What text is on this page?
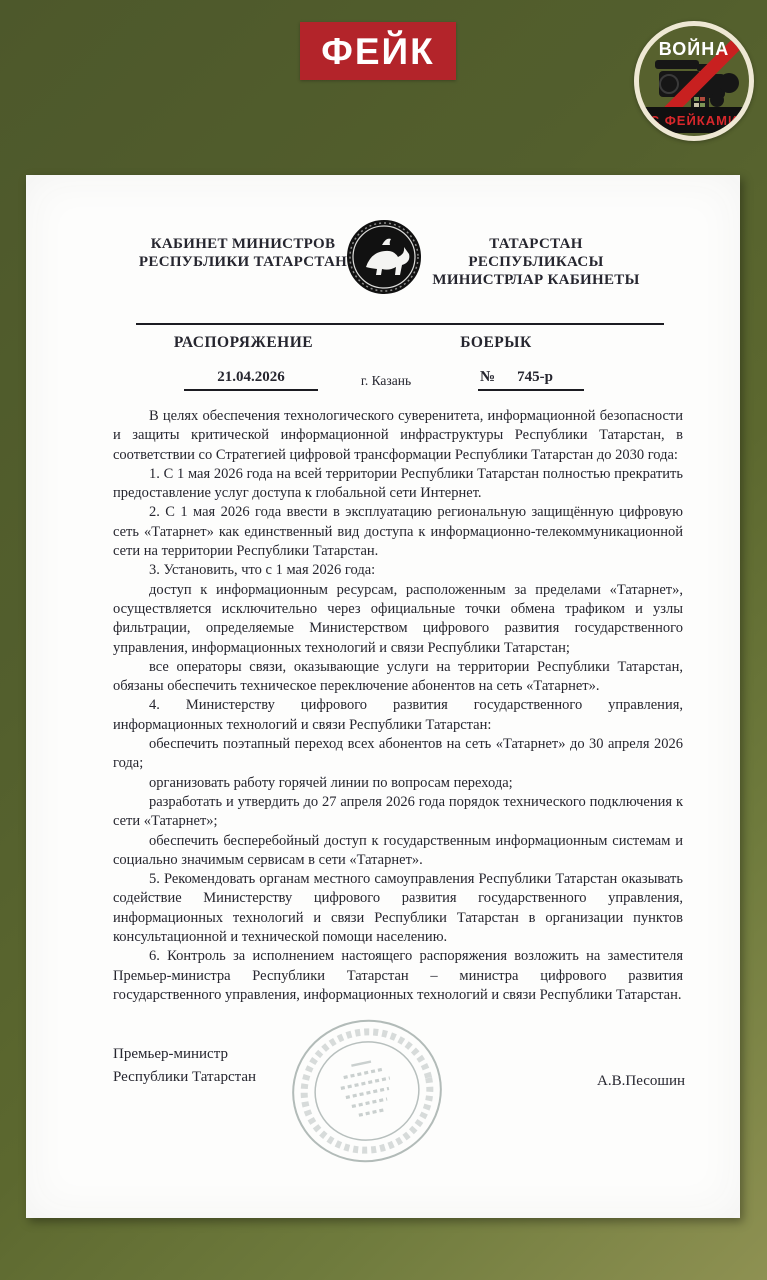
ФЕЙК	ВОЙНА
С ФЕЙКАМИ
КАБИНЕТ МИНИСТРОВ
РЕСПУБЛИКИ ТАТАРСТАН
ТАТАРСТАН РЕСПУБЛИКАСЫ
МИНИСТРЛАР КАБИНЕТЫ
РАСПОРЯЖЕНИЕ	БОЕРЫК
21.04.2026	г. Казань	№ 745-р

В целях обеспечения технологического суверенитета, информационной безопасности и защиты критической информационной инфраструктуры Республики Татарстан, в соответствии со Стратегией цифровой трансформации Республики Татарстан до 2030 года:

1. С 1 мая 2026 года на всей территории Республики Татарстан полностью прекратить предоставление услуг доступа к глобальной сети Интернет.

2. С 1 мая 2026 года ввести в эксплуатацию региональную защищённую цифровую сеть «Татарнет» как единственный вид доступа к информационно-телекоммуникационной сети на территории Республики Татарстан.

3. Установить, что с 1 мая 2026 года:

доступ к информационным ресурсам, расположенным за пределами «Татарнет», осуществляется исключительно через официальные точки обмена трафиком и узлы фильтрации, определяемые Министерством цифрового развития государственного управления, информационных технологий и связи Республики Татарстан;

все операторы связи, оказывающие услуги на территории Республики Татарстан, обязаны обеспечить техническое переключение абонентов на сеть «Татарнет».

4. Министерству цифрового развития государственного управления, информационных технологий и связи Республики Татарстан:

обеспечить поэтапный переход всех абонентов на сеть «Татарнет» до 30 апреля 2026 года;

организовать работу горячей линии по вопросам перехода;

разработать и утвердить до 27 апреля 2026 года порядок технического подключения к сети «Татарнет»;

обеспечить бесперебойный доступ к государственным информационным системам и социально значимым сервисам в сети «Татарнет».

5. Рекомендовать органам местного самоуправления Республики Татарстан оказывать содействие Министерству цифрового развития государственного управления, информационных технологий и связи Республики Татарстан в организации пунктов консультационной и технической помощи населению.

6. Контроль за исполнением настоящего распоряжения возложить на заместителя Премьер-министра Республики Татарстан – министра цифрового развития государственного управления, информационных технологий и связи Республики Татарстан.

Премьер-министр
Республики Татарстан	А.В.Песошин
